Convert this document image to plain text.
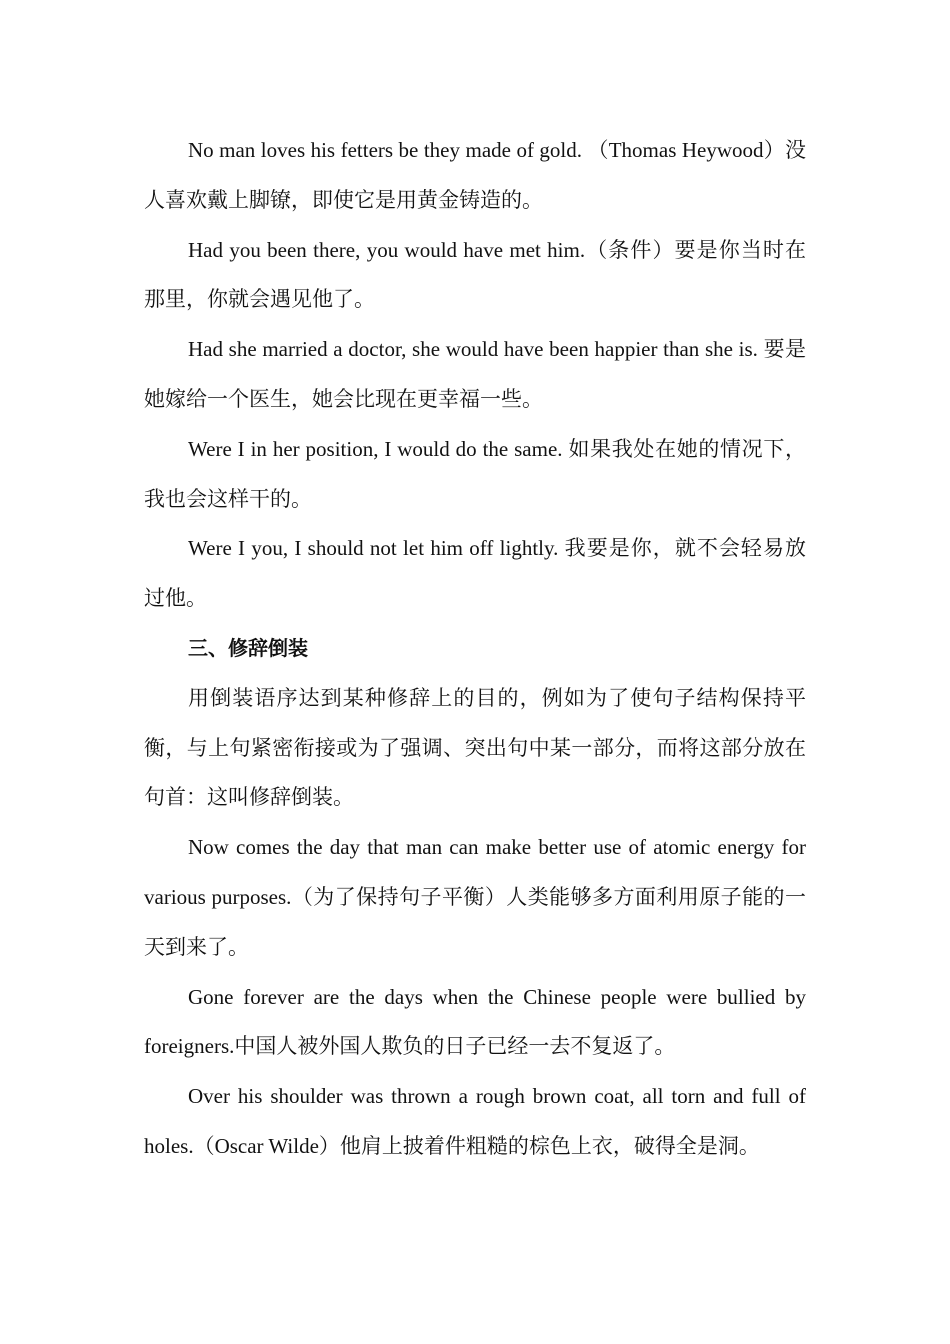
No man loves his fetters be they made of gold. （Thomas Heywood）没人喜欢戴上脚镣，即使它是用黄金铸造的。

Had you been there, you would have met him.（条件）要是你当时在那里，你就会遇见他了。

Had she married a doctor, she would have been happier than she is. 要是她嫁给一个医生，她会比现在更幸福一些。

Were I in her position, I would do the same. 如果我处在她的情况下，我也会这样干的。

Were I you, I should not let him off lightly. 我要是你，就不会轻易放过他。

三、修辞倒装

用倒装语序达到某种修辞上的目的，例如为了使句子结构保持平衡，与上句紧密衔接或为了强调、突出句中某一部分，而将这部分放在句首：这叫修辞倒装。

Now comes the day that man can make better use of atomic energy for various purposes.（为了保持句子平衡）人类能够多方面利用原子能的一天到来了。

Gone forever are the days when the Chinese people were bullied by foreigners.中国人被外国人欺负的日子已经一去不复返了。

Over his shoulder was thrown a rough brown coat, all torn and full of holes.（Oscar Wilde）他肩上披着件粗糙的棕色上衣，破得全是洞。
